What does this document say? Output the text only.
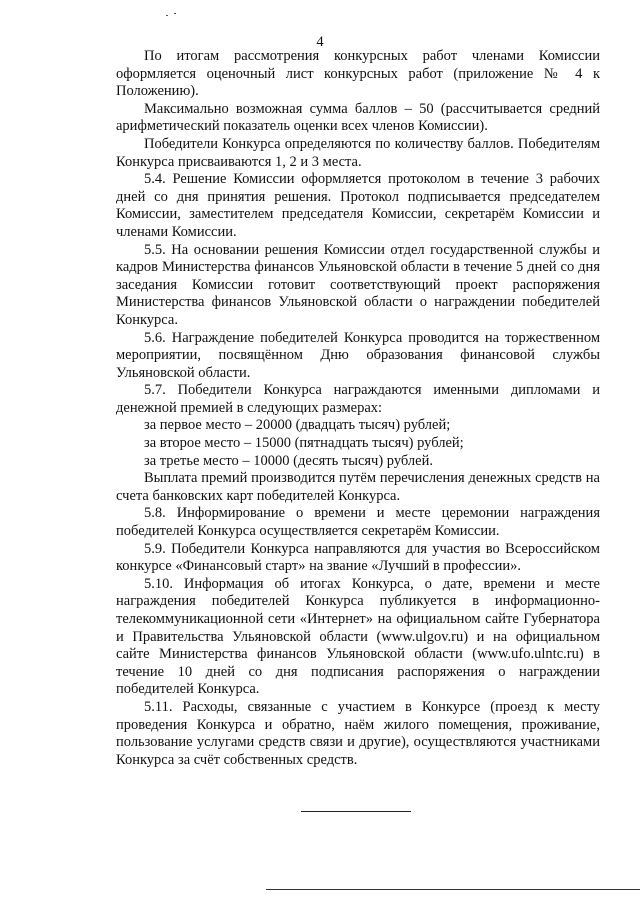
4

По итогам рассмотрения конкурсных работ членами Комиссии оформляется оценочный лист конкурсных работ (приложение № 4 к Положению).

Максимально возможная сумма баллов – 50 (рассчитывается средний арифметический показатель оценки всех членов Комиссии).

Победители Конкурса определяются по количеству баллов. Победителям Конкурса присваиваются 1, 2 и 3 места.

5.4. Решение Комиссии оформляется протоколом в течение 3 рабочих дней со дня принятия решения. Протокол подписывается председателем Комиссии, заместителем председателя Комиссии, секретарём Комиссии и членами Комиссии.

5.5. На основании решения Комиссии отдел государственной службы и кадров Министерства финансов Ульяновской области в течение 5 дней со дня заседания Комиссии готовит соответствующий проект распоряжения Министерства финансов Ульяновской области о награждении победителей Конкурса.

5.6. Награждение победителей Конкурса проводится на торжественном мероприятии, посвящённом Дню образования финансовой службы Ульяновской области.

5.7. Победители Конкурса награждаются именными дипломами и денежной премией в следующих размерах:

за первое место – 20000 (двадцать тысяч) рублей;

за второе место – 15000 (пятнадцать тысяч) рублей;

за третье место – 10000 (десять тысяч) рублей.

Выплата премий производится путём перечисления денежных средств на счета банковских карт победителей Конкурса.

5.8. Информирование о времени и месте церемонии награждения победителей Конкурса осуществляется секретарём Комиссии.

5.9. Победители Конкурса направляются для участия во Всероссийском конкурсе «Финансовый старт» на звание «Лучший в профессии».

5.10. Информация об итогах Конкурса, о дате, времени и месте награждения победителей Конкурса публикуется в информационно-телекоммуникационной сети «Интернет» на официальном сайте Губернатора и Правительства Ульяновской области (www.ulgov.ru) и на официальном сайте Министерства финансов Ульяновской области (www.ufo.ulntc.ru) в течение 10 дней со дня подписания распоряжения о награждении победителей Конкурса.

5.11. Расходы, связанные с участием в Конкурсе (проезд к месту проведения Конкурса и обратно, наём жилого помещения, проживание, пользование услугами средств связи и другие), осуществляются участниками Конкурса за счёт собственных средств.
